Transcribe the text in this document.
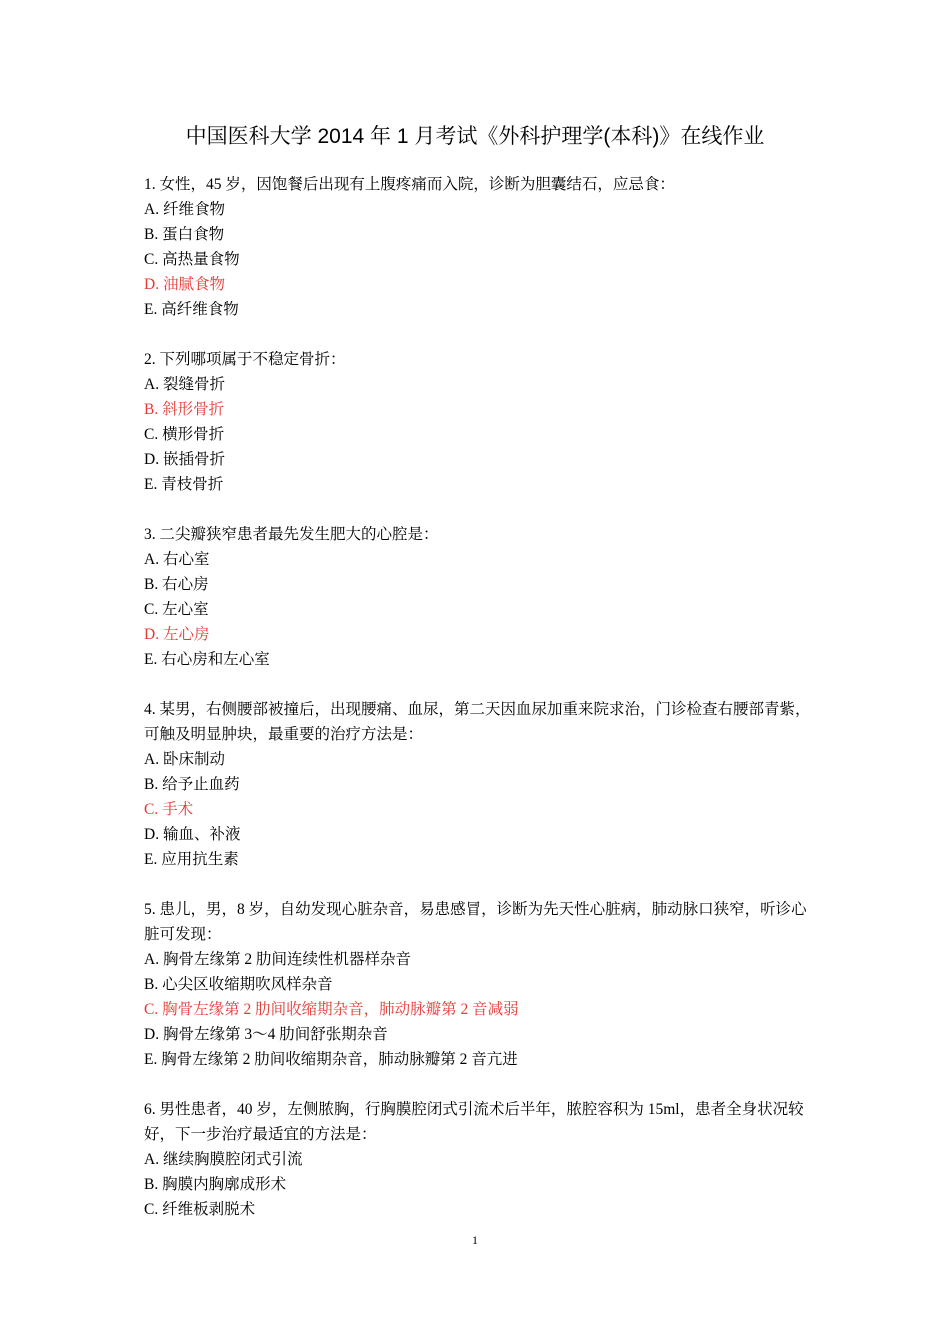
中国医科大学 2014 年 1 月考试《外科护理学(本科)》在线作业

1. 女性，45 岁，因饱餐后出现有上腹疼痛而入院，诊断为胆囊结石，应忌食：

A. 纤维食物

B. 蛋白食物

C. 高热量食物

D. 油腻食物

E. 高纤维食物

2. 下列哪项属于不稳定骨折：

A. 裂缝骨折

B. 斜形骨折

C. 横形骨折

D. 嵌插骨折

E. 青枝骨折

3. 二尖瓣狭窄患者最先发生肥大的心腔是：

A. 右心室

B. 右心房

C. 左心室

D. 左心房

E. 右心房和左心室

4. 某男，右侧腰部被撞后，出现腰痛、血尿，第二天因血尿加重来院求治，门诊检查右腰部青紫，可触及明显肿块，最重要的治疗方法是：

A. 卧床制动

B. 给予止血药

C. 手术

D. 输血、补液

E. 应用抗生素

5. 患儿，男，8 岁，自幼发现心脏杂音，易患感冒，诊断为先天性心脏病，肺动脉口狭窄，听诊心脏可发现：

A. 胸骨左缘第 2 肋间连续性机器样杂音

B. 心尖区收缩期吹风样杂音

C. 胸骨左缘第 2 肋间收缩期杂音，肺动脉瓣第 2 音减弱

D. 胸骨左缘第 3～4 肋间舒张期杂音

E. 胸骨左缘第 2 肋间收缩期杂音，肺动脉瓣第 2 音亢进

6. 男性患者，40 岁，左侧脓胸，行胸膜腔闭式引流术后半年，脓腔容积为 15ml，患者全身状况较好，下一步治疗最适宜的方法是：

A. 继续胸膜腔闭式引流

B. 胸膜内胸廓成形术

C. 纤维板剥脱术

1
